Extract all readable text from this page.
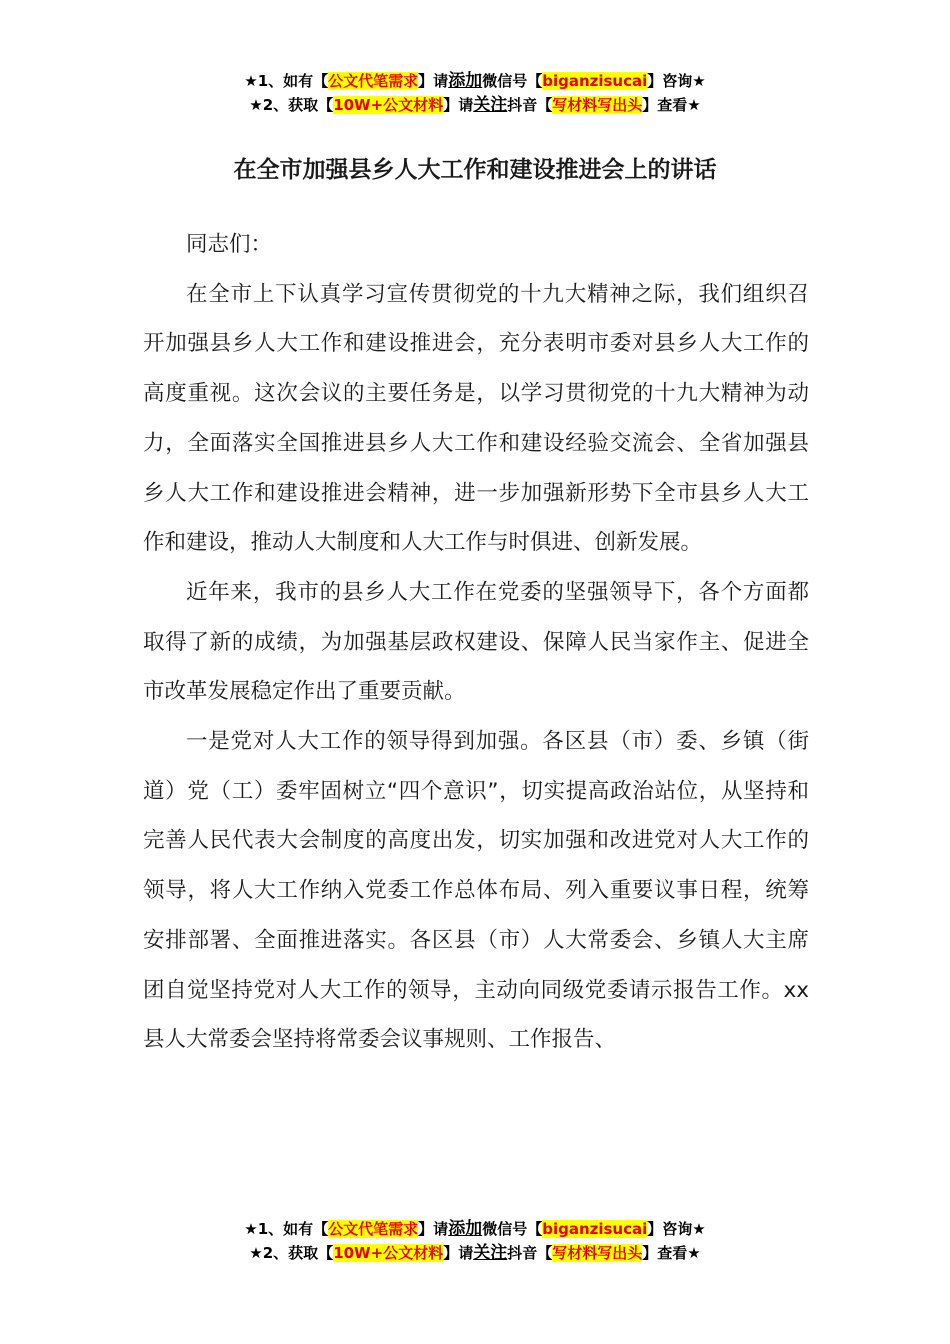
★1、如有【公文代笔需求】请添加微信号【biganzisucai】咨询★
★2、获取【10W+公文材料】请关注抖音【写材料写出头】查看★
在全市加强县乡人大工作和建设推进会上的讲话

同志们：

在全市上下认真学习宣传贯彻党的十九大精神之际，我们组织召开加强县乡人大工作和建设推进会，充分表明市委对县乡人大工作的高度重视。这次会议的主要任务是，以学习贯彻党的十九大精神为动力，全面落实全国推进县乡人大工作和建设经验交流会、全省加强县乡人大工作和建设推进会精神，进一步加强新形势下全市县乡人大工作和建设，推动人大制度和人大工作与时俱进、创新发展。

近年来，我市的县乡人大工作在党委的坚强领导下，各个方面都取得了新的成绩，为加强基层政权建设、保障人民当家作主、促进全市改革发展稳定作出了重要贡献。

一是党对人大工作的领导得到加强。各区县（市）委、乡镇（街道）党（工）委牢固树立“四个意识”，切实提高政治站位，从坚持和完善人民代表大会制度的高度出发，切实加强和改进党对人大工作的领导，将人大工作纳入党委工作总体布局、列入重要议事日程，统筹安排部署、全面推进落实。各区县（市）人大常委会、乡镇人大主席团自觉坚持党对人大工作的领导，主动向同级党委请示报告工作。xx县人大常委会坚持将常委会议事规则、工作报告、

★1、如有【公文代笔需求】请添加微信号【biganzisucai】咨询★
★2、获取【10W+公文材料】请关注抖音【写材料写出头】查看★
